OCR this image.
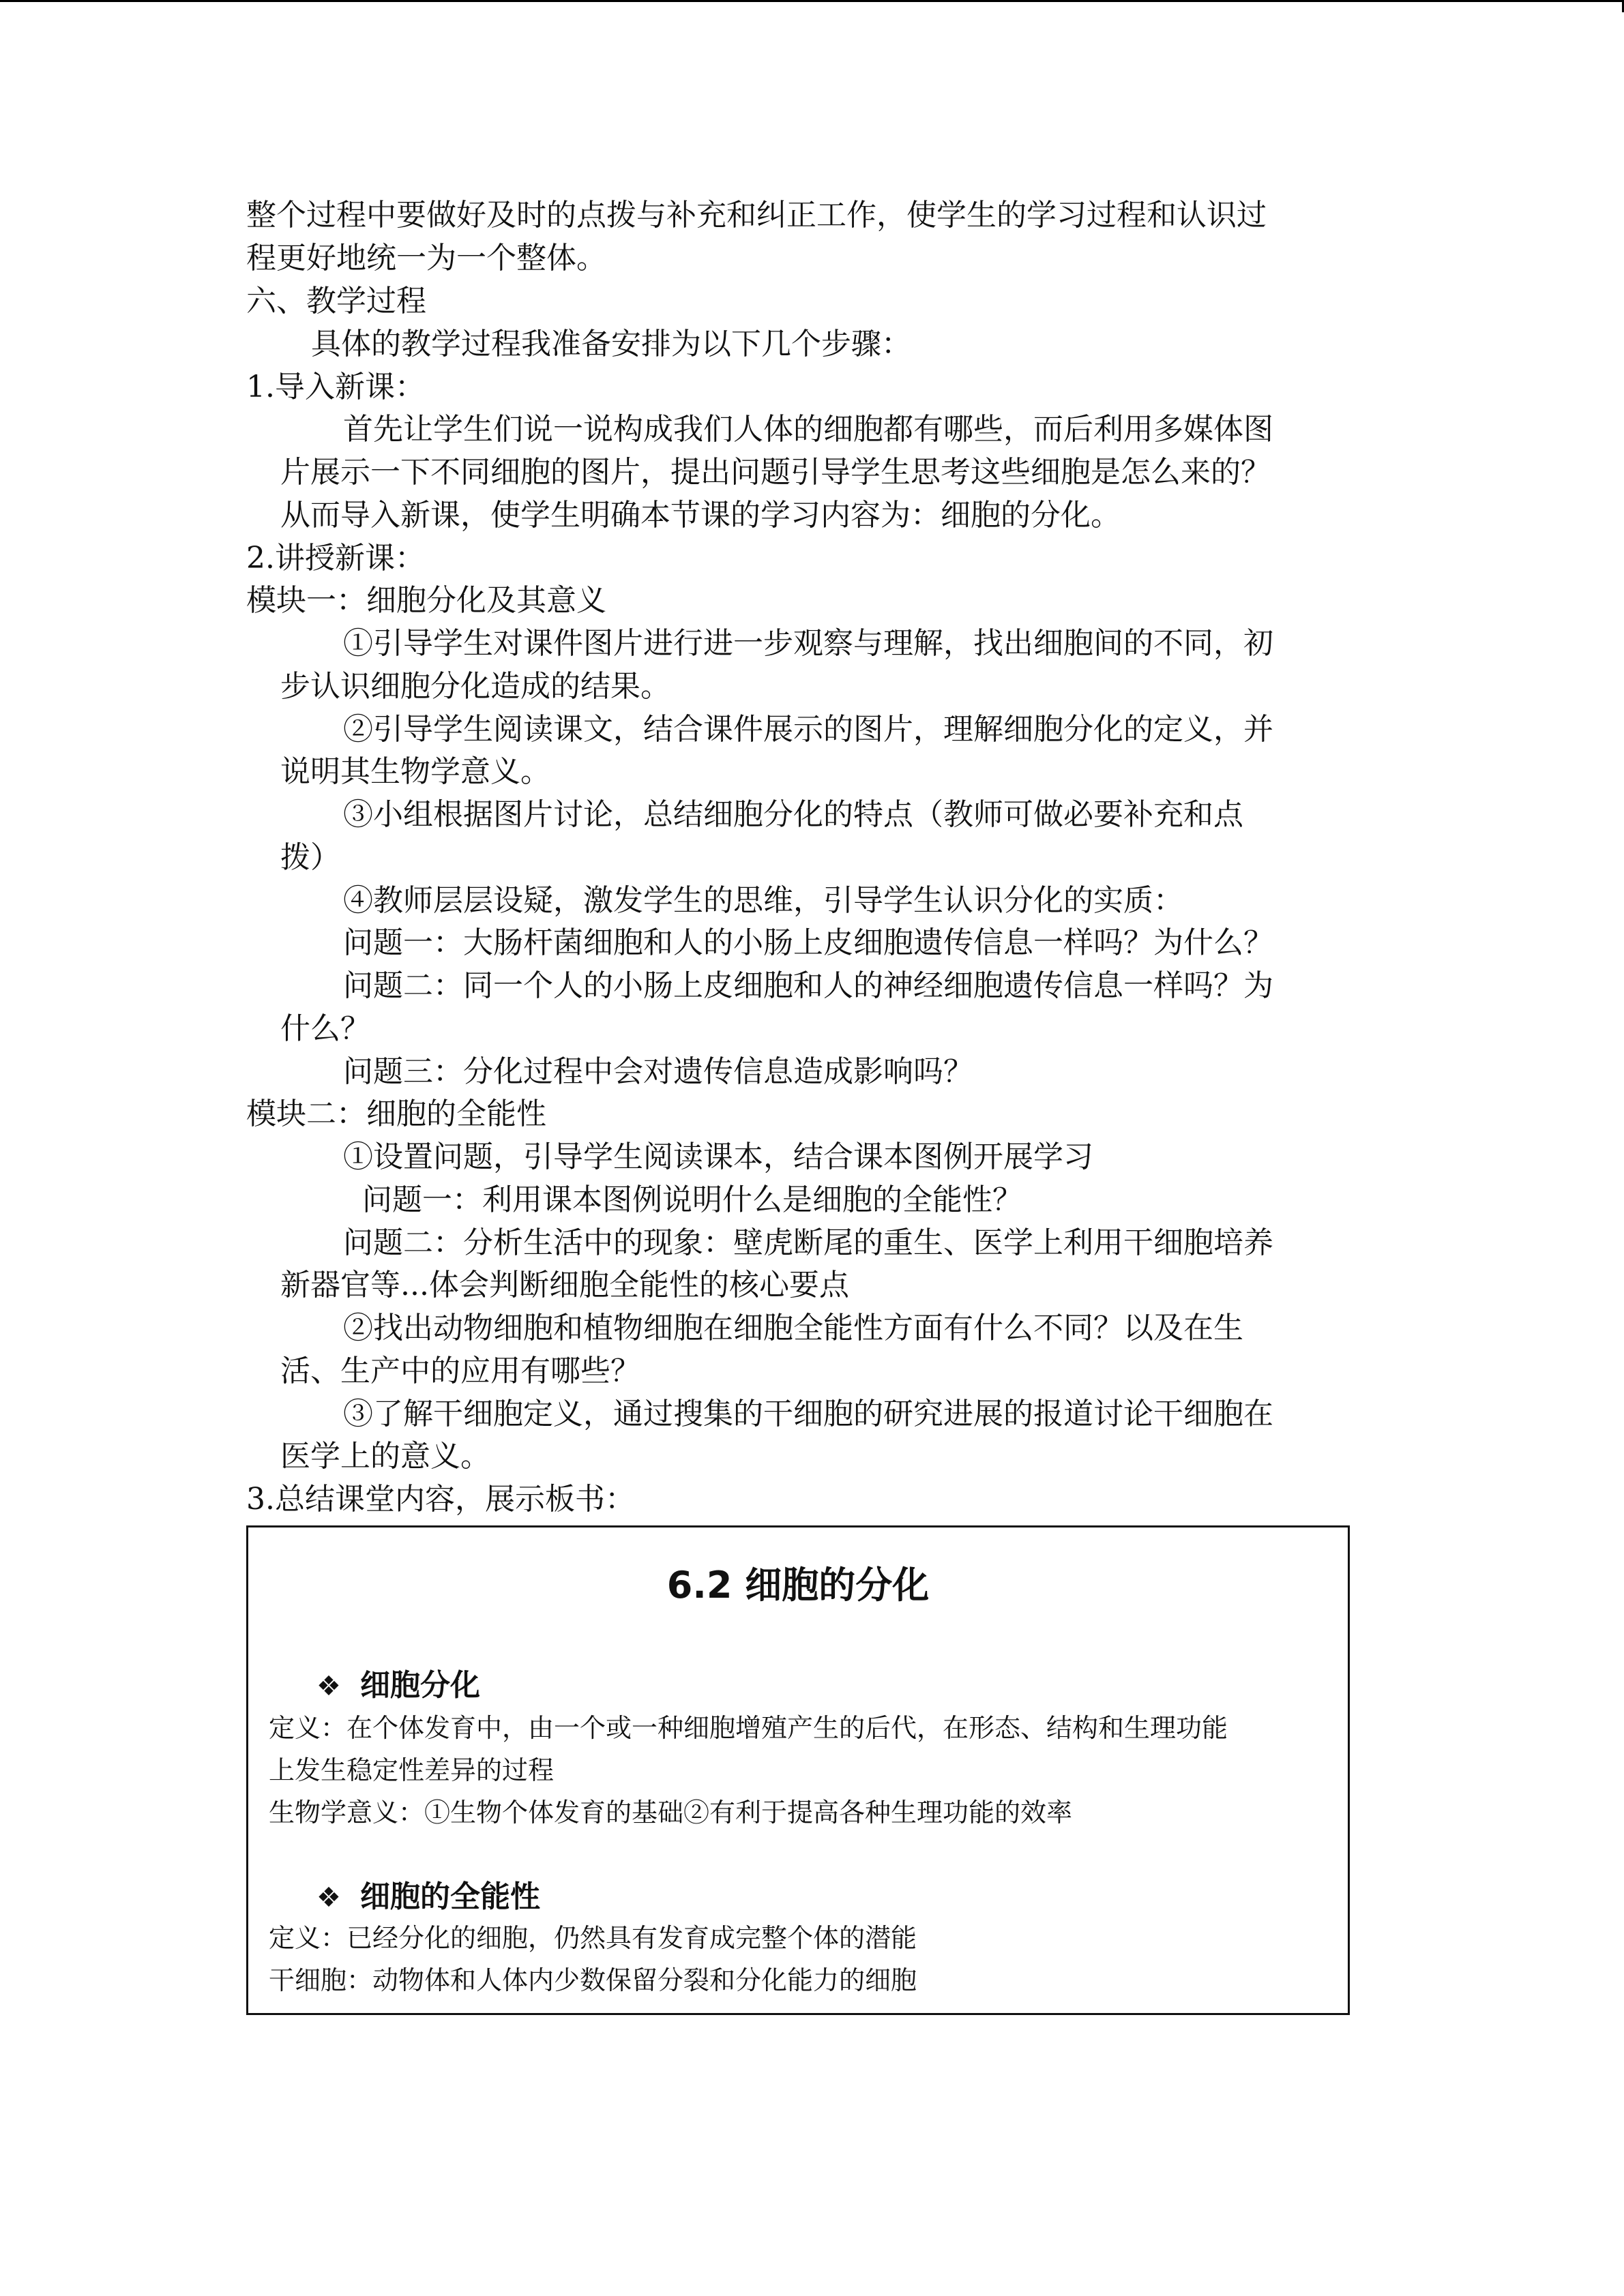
整个过程中要做好及时的点拨与补充和纠正工作，使学生的学习过程和认识过
程更好地统一为一个整体。
六、教学过程
具体的教学过程我准备安排为以下几个步骤：
1.导入新课：
首先让学生们说一说构成我们人体的细胞都有哪些，而后利用多媒体图
片展示一下不同细胞的图片，提出问题引导学生思考这些细胞是怎么来的？
从而导入新课，使学生明确本节课的学习内容为：细胞的分化。
2.讲授新课：
模块一：细胞分化及其意义
①引导学生对课件图片进行进一步观察与理解，找出细胞间的不同，初
步认识细胞分化造成的结果。
②引导学生阅读课文，结合课件展示的图片，理解细胞分化的定义，并
说明其生物学意义。
③小组根据图片讨论，总结细胞分化的特点（教师可做必要补充和点
拨）
④教师层层设疑，激发学生的思维，引导学生认识分化的实质：
问题一：大肠杆菌细胞和人的小肠上皮细胞遗传信息一样吗？为什么？
问题二：同一个人的小肠上皮细胞和人的神经细胞遗传信息一样吗？为
什么？
问题三：分化过程中会对遗传信息造成影响吗？
模块二：细胞的全能性
①设置问题，引导学生阅读课本，结合课本图例开展学习
问题一：利用课本图例说明什么是细胞的全能性？
问题二：分析生活中的现象：壁虎断尾的重生、医学上利用干细胞培养
新器官等...体会判断细胞全能性的核心要点
②找出动物细胞和植物细胞在细胞全能性方面有什么不同？以及在生
活、生产中的应用有哪些？
③了解干细胞定义，通过搜集的干细胞的研究进展的报道讨论干细胞在
医学上的意义。
3.总结课堂内容，展示板书：
6.2 细胞的分化
❖ 细胞分化
定义：在个体发育中，由一个或一种细胞增殖产生的后代，在形态、结构和生理功能
上发生稳定性差异的过程
生物学意义：①生物个体发育的基础②有利于提高各种生理功能的效率
❖ 细胞的全能性
定义：已经分化的细胞，仍然具有发育成完整个体的潜能
干细胞：动物体和人体内少数保留分裂和分化能力的细胞
